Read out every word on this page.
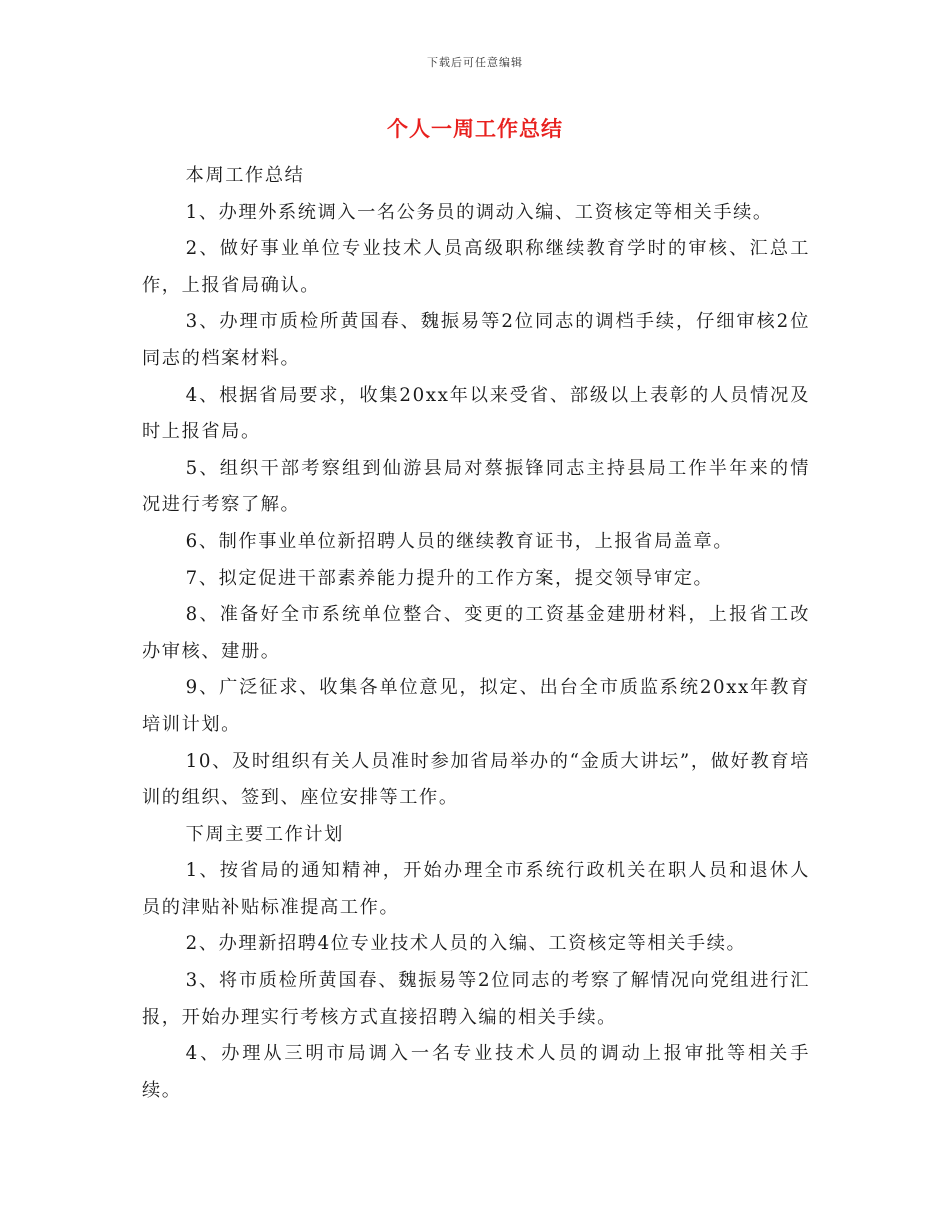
下载后可任意编辑
个人一周工作总结

本周工作总结

1、办理外系统调入一名公务员的调动入编、工资核定等相关手续。

2、做好事业单位专业技术人员高级职称继续教育学时的审核、汇总工作，上报省局确认。

3、办理市质检所黄国春、魏振易等2位同志的调档手续，仔细审核2位同志的档案材料。

4、根据省局要求，收集20xx年以来受省、部级以上表彰的人员情况及时上报省局。

5、组织干部考察组到仙游县局对蔡振锋同志主持县局工作半年来的情况进行考察了解。

6、制作事业单位新招聘人员的继续教育证书，上报省局盖章。

7、拟定促进干部素养能力提升的工作方案，提交领导审定。

8、准备好全市系统单位整合、变更的工资基金建册材料，上报省工改办审核、建册。

9、广泛征求、收集各单位意见，拟定、出台全市质监系统20xx年教育培训计划。

10、及时组织有关人员准时参加省局举办的“金质大讲坛”，做好教育培训的组织、签到、座位安排等工作。

下周主要工作计划

1、按省局的通知精神，开始办理全市系统行政机关在职人员和退休人员的津贴补贴标准提高工作。

2、办理新招聘4位专业技术人员的入编、工资核定等相关手续。

3、将市质检所黄国春、魏振易等2位同志的考察了解情况向党组进行汇报，开始办理实行考核方式直接招聘入编的相关手续。

4、办理从三明市局调入一名专业技术人员的调动上报审批等相关手续。
